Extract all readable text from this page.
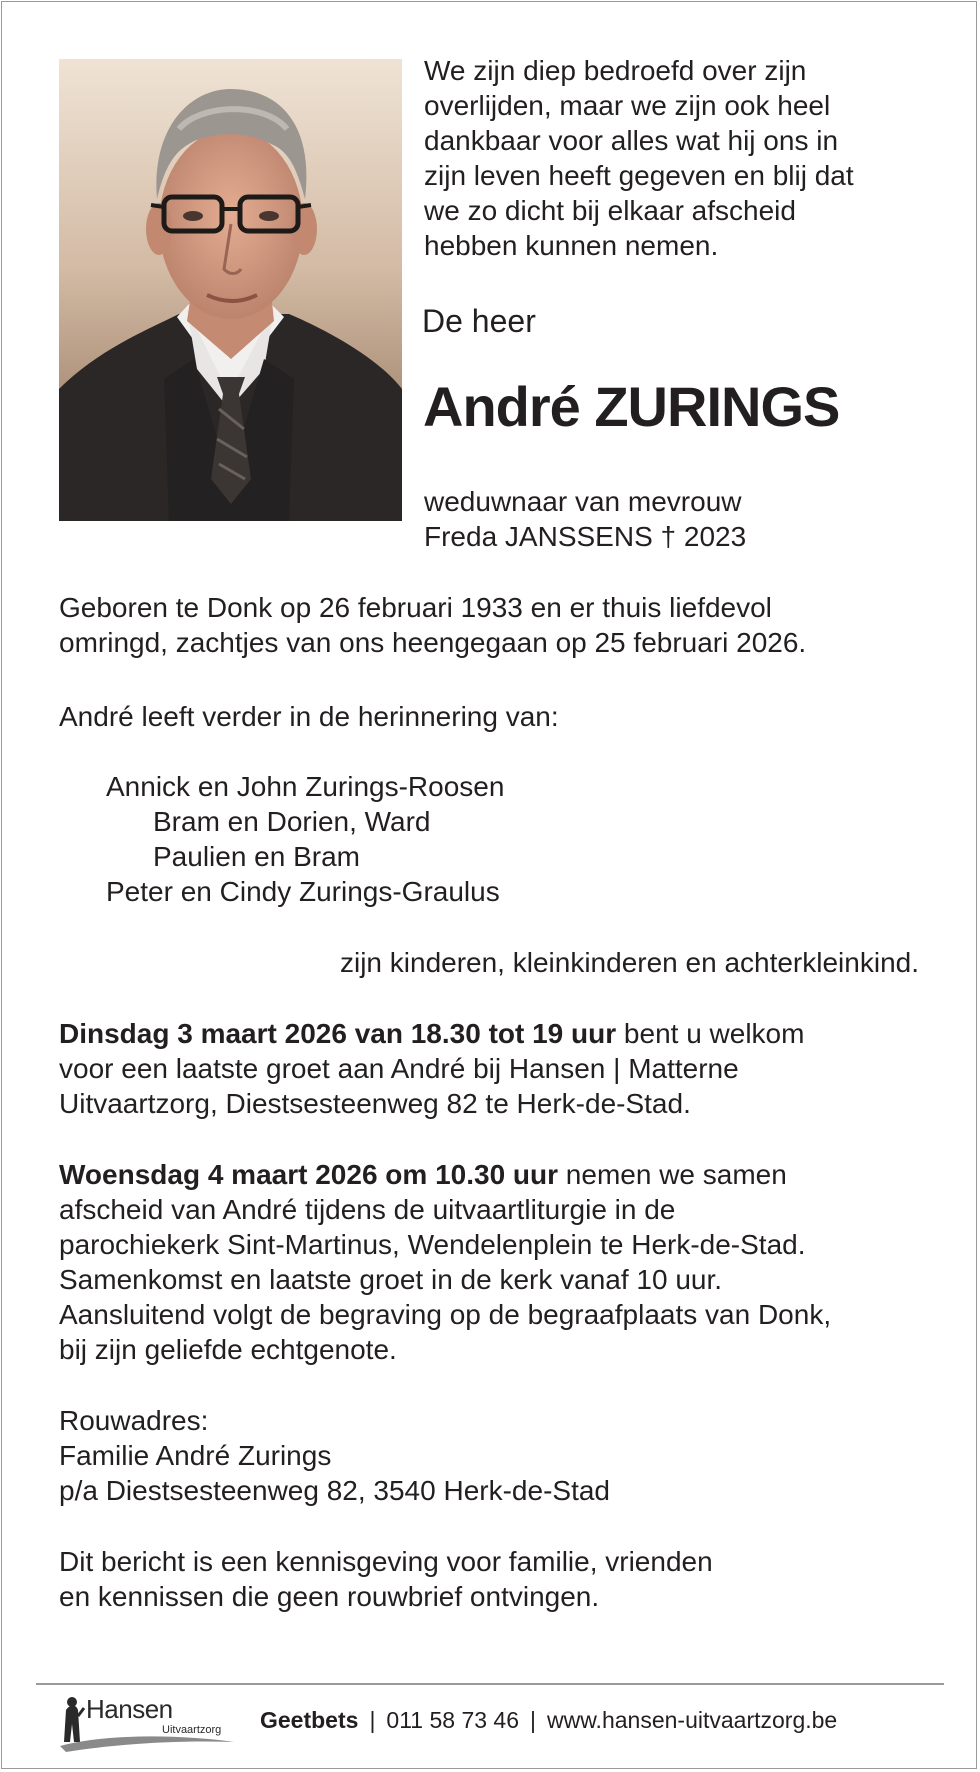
We zijn diep bedroefd over zijn
overlijden, maar we zijn ook heel
dankbaar voor alles wat hij ons in
zijn leven heeft gegeven en blij dat
we zo dicht bij elkaar afscheid
hebben kunnen nemen.

De heer

André ZURINGS

weduwnaar van mevrouw
Freda JANSSENS † 2023

Geboren te Donk op 26 februari 1933 en er thuis liefdevol
omringd, zachtjes van ons heengegaan op 25 februari 2026.

André leeft verder in de herinnering van:

Annick en John Zurings-Roosen
Bram en Dorien, Ward
Paulien en Bram
Peter en Cindy Zurings-Graulus

zijn kinderen, kleinkinderen en achterkleinkind.

Dinsdag 3 maart 2026 van 18.30 tot 19 uur bent u welkom
voor een laatste groet aan André bij Hansen | Matterne
Uitvaartzorg, Diestsesteenweg 82 te Herk-de-Stad.

Woensdag 4 maart 2026 om 10.30 uur nemen we samen
afscheid van André tijdens de uitvaartliturgie in de
parochiekerk Sint-Martinus, Wendelenplein te Herk-de-Stad.
Samenkomst en laatste groet in de kerk vanaf 10 uur.
Aansluitend volgt de begraving op de begraafplaats van Donk,
bij zijn geliefde echtgenote.

Rouwadres:
Familie André Zurings
p/a Diestsesteenweg 82, 3540 Herk-de-Stad

Dit bericht is een kennisgeving voor familie, vrienden
en kennissen die geen rouwbrief ontvingen.

Hansen
Uitvaartzorg Geetbets | 011 58 73 46 | www.hansen-uitvaartzorg.be
